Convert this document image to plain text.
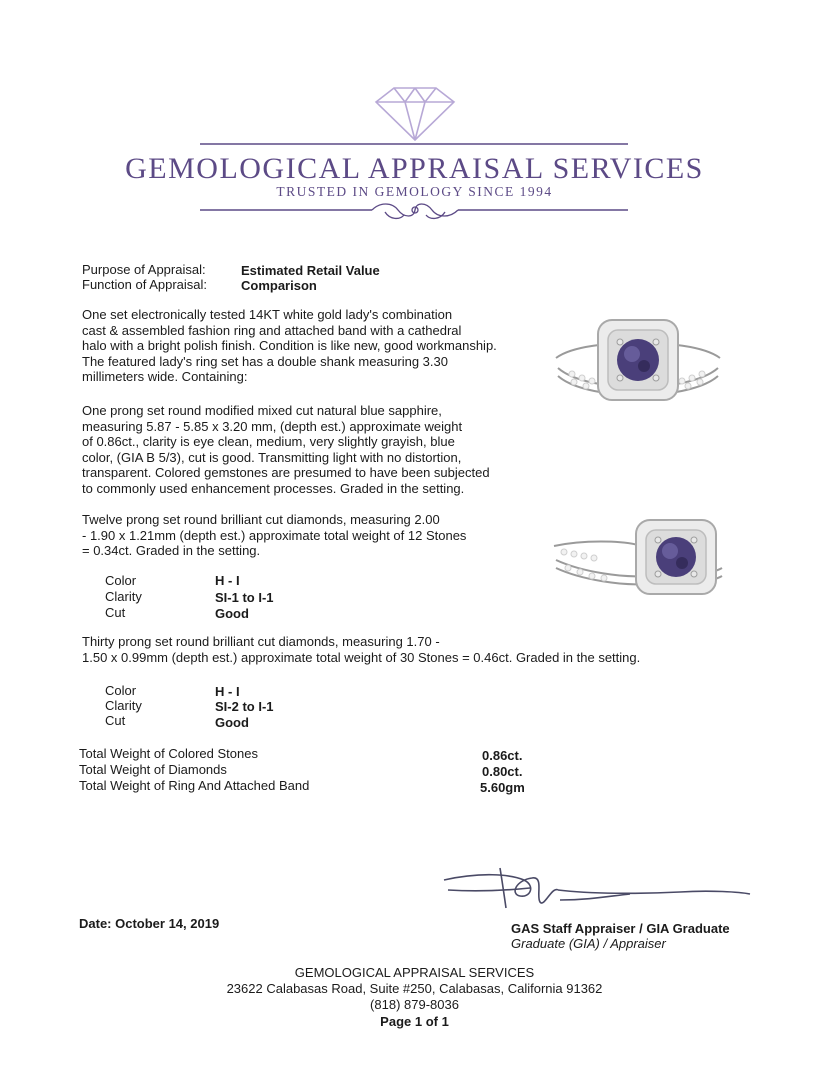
GEMOLOGICAL APPRAISAL SERVICES
TRUSTED IN GEMOLOGY SINCE 1994
Purpose of Appraisal:	Estimated Retail Value
Function of Appraisal:	Comparison
One set electronically tested 14KT white gold lady's combination
cast & assembled fashion ring and attached band with a cathedral
halo with a bright polish finish. Condition is like new, good workmanship.
The featured lady's ring set has a double shank measuring 3.30
millimeters wide. Containing:
One prong set round modified mixed cut natural blue sapphire,
measuring 5.87 - 5.85 x 3.20 mm, (depth est.) approximate weight
of 0.86ct., clarity is eye clean, medium, very slightly grayish, blue
color, (GIA B 5/3), cut is good. Transmitting light with no distortion,
transparent. Colored gemstones are presumed to have been subjected
to commonly used enhancement processes. Graded in the setting.
Twelve prong set round brilliant cut diamonds, measuring 2.00
- 1.90 x 1.21mm (depth est.) approximate total weight of 12 Stones
= 0.34ct. Graded in the setting.
Color	H - I
Clarity	SI-1 to I-1
Cut	Good
Thirty prong set round brilliant cut diamonds, measuring 1.70 -
1.50 x 0.99mm (depth est.) approximate total weight of 30 Stones = 0.46ct. Graded in the setting.
Color	H - I
Clarity	SI-2 to I-1
Cut	Good
Total Weight of Colored Stones	0.86ct.
Total Weight of Diamonds	0.80ct.
Total Weight of Ring And Attached Band	5.60gm
Date: October 14, 2019	GAS Staff Appraiser / GIA Graduate
Graduate (GIA) / Appraiser
GEMOLOGICAL APPRAISAL SERVICES
23622 Calabasas Road, Suite #250, Calabasas, California 91362
(818) 879-8036
Page 1 of 1
